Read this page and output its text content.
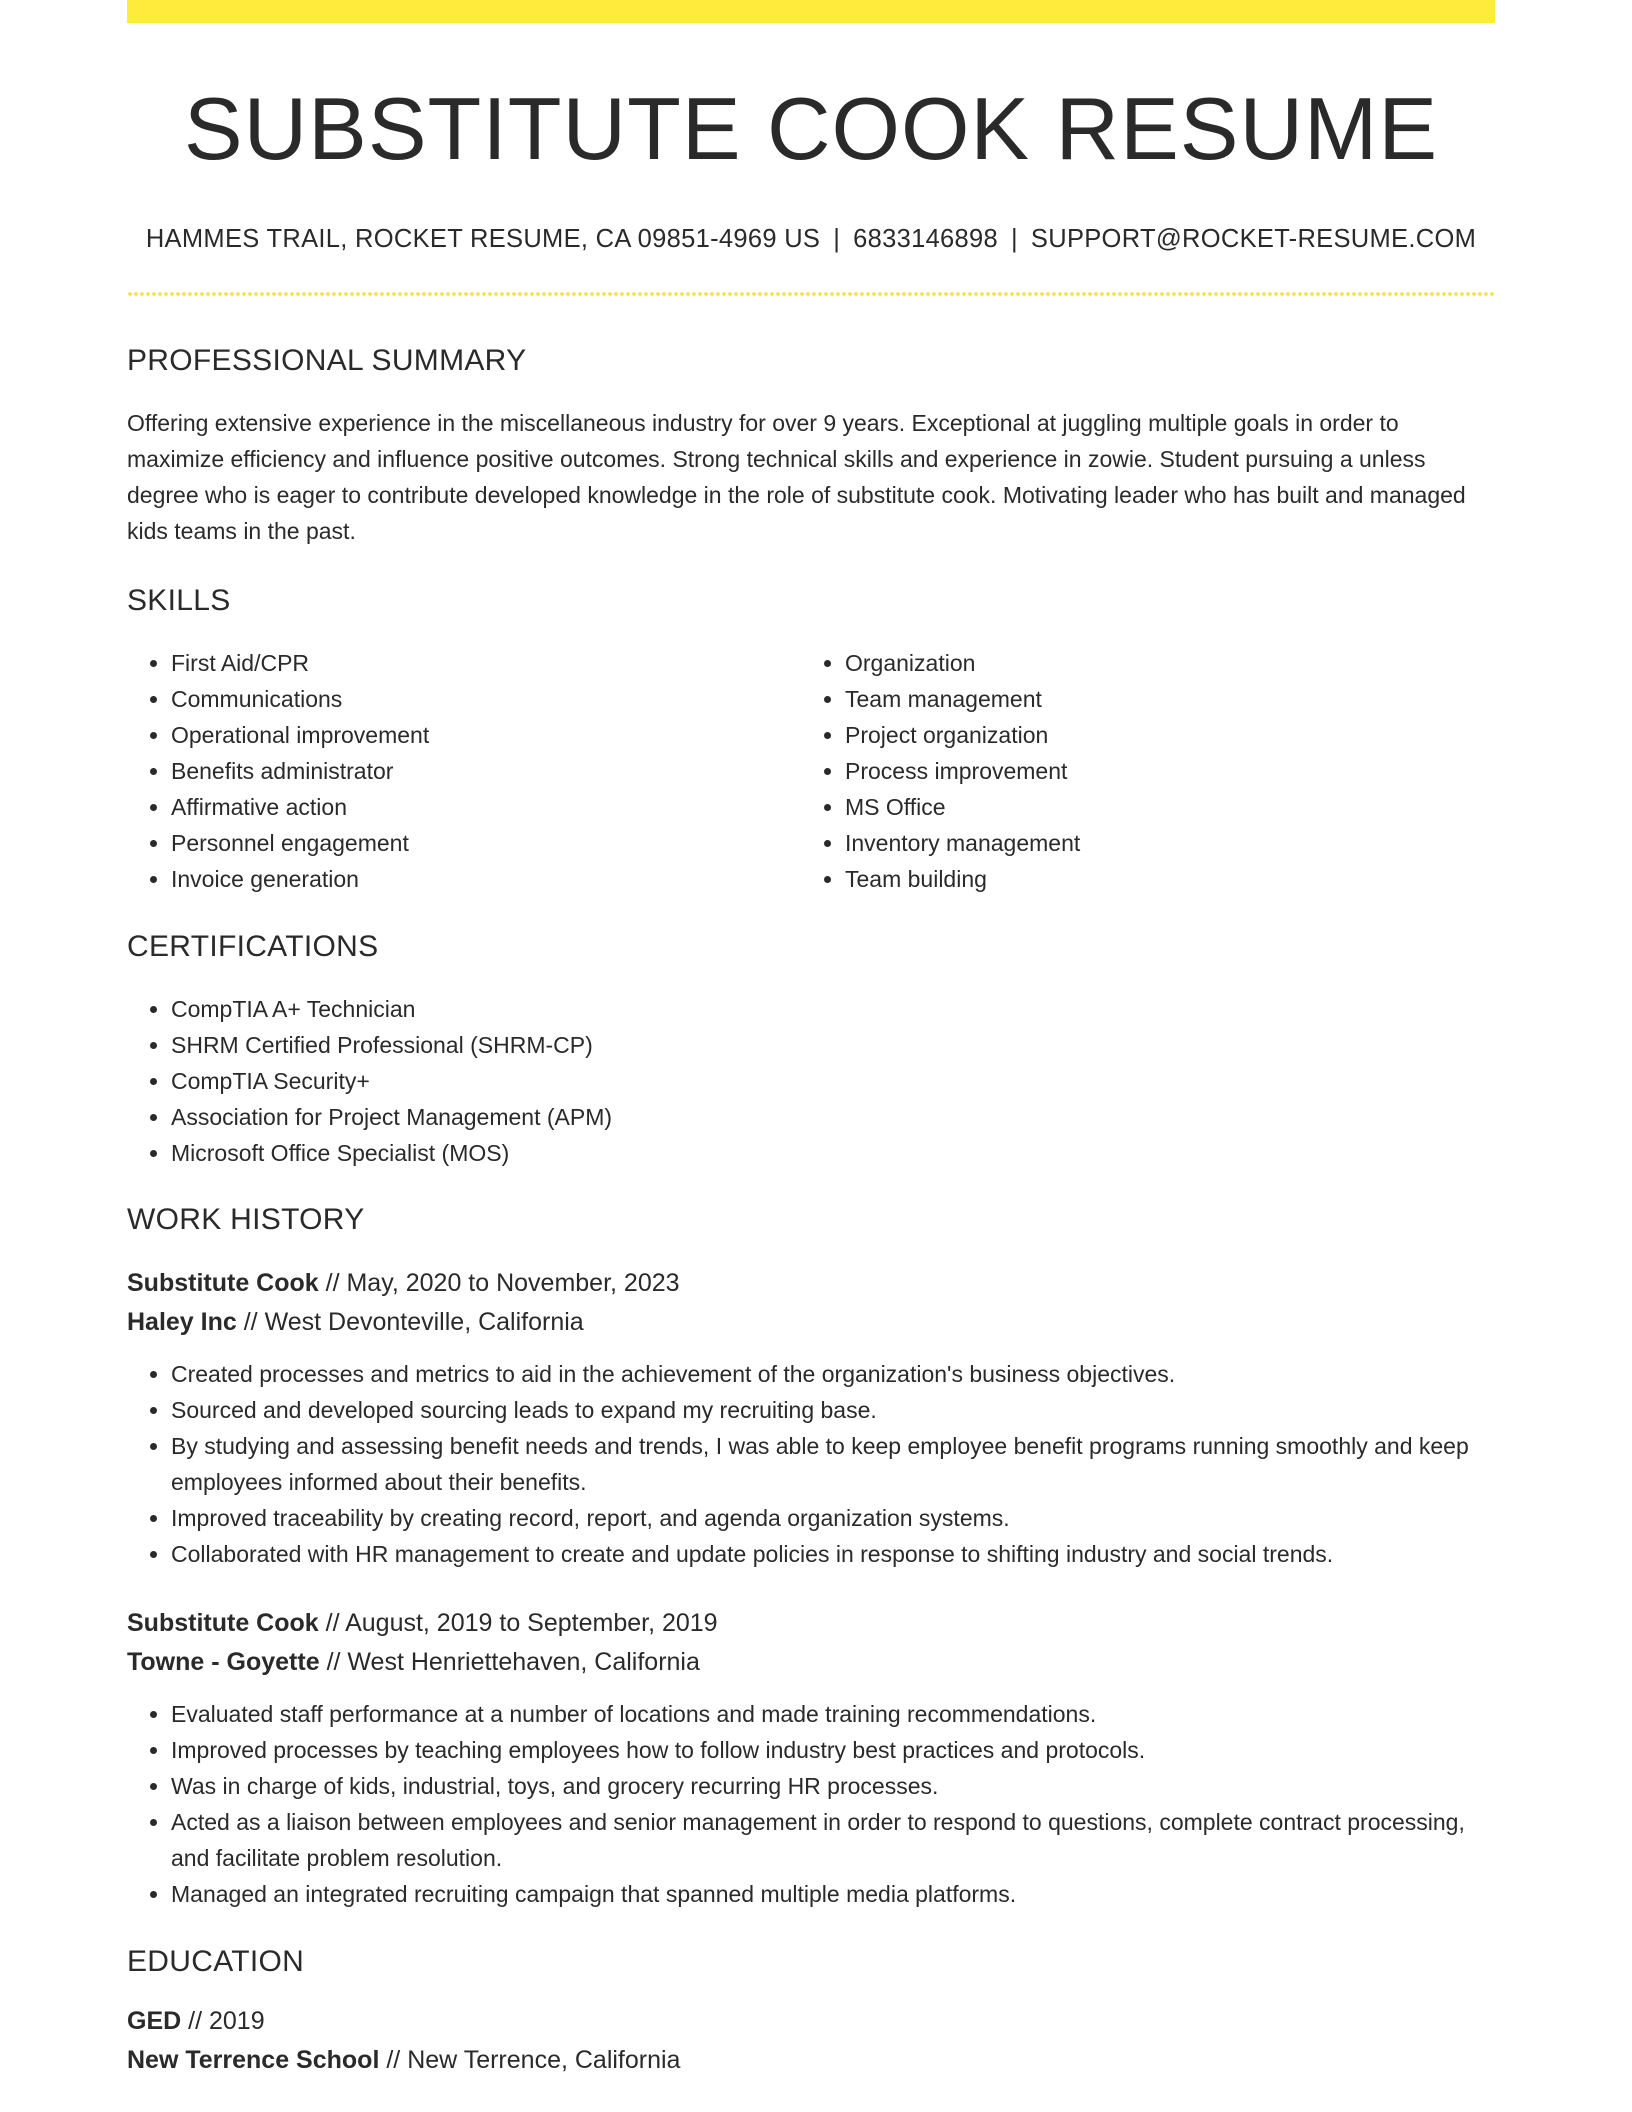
SUBSTITUTE COOK RESUME
HAMMES TRAIL, ROCKET RESUME, CA 09851-4969 US | 6833146898 | SUPPORT@ROCKET-RESUME.COM
PROFESSIONAL SUMMARY
Offering extensive experience in the miscellaneous industry for over 9 years. Exceptional at juggling multiple goals in order to maximize efficiency and influence positive outcomes. Strong technical skills and experience in zowie. Student pursuing a unless degree who is eager to contribute developed knowledge in the role of substitute cook. Motivating leader who has built and managed kids teams in the past.
SKILLS
• First Aid/CPR
• Communications
• Operational improvement
• Benefits administrator
• Affirmative action
• Personnel engagement
• Invoice generation
• Organization
• Team management
• Project organization
• Process improvement
• MS Office
• Inventory management
• Team building
CERTIFICATIONS
• CompTIA A+ Technician
• SHRM Certified Professional (SHRM-CP)
• CompTIA Security+
• Association for Project Management (APM)
• Microsoft Office Specialist (MOS)
WORK HISTORY
Substitute Cook // May, 2020 to November, 2023
Haley Inc // West Devonteville, California
• Created processes and metrics to aid in the achievement of the organization's business objectives.
• Sourced and developed sourcing leads to expand my recruiting base.
• By studying and assessing benefit needs and trends, I was able to keep employee benefit programs running smoothly and keep employees informed about their benefits.
• Improved traceability by creating record, report, and agenda organization systems.
• Collaborated with HR management to create and update policies in response to shifting industry and social trends.
Substitute Cook // August, 2019 to September, 2019
Towne - Goyette // West Henriettehaven, California
• Evaluated staff performance at a number of locations and made training recommendations.
• Improved processes by teaching employees how to follow industry best practices and protocols.
• Was in charge of kids, industrial, toys, and grocery recurring HR processes.
• Acted as a liaison between employees and senior management in order to respond to questions, complete contract processing, and facilitate problem resolution.
• Managed an integrated recruiting campaign that spanned multiple media platforms.
EDUCATION
GED // 2019
New Terrence School // New Terrence, California
